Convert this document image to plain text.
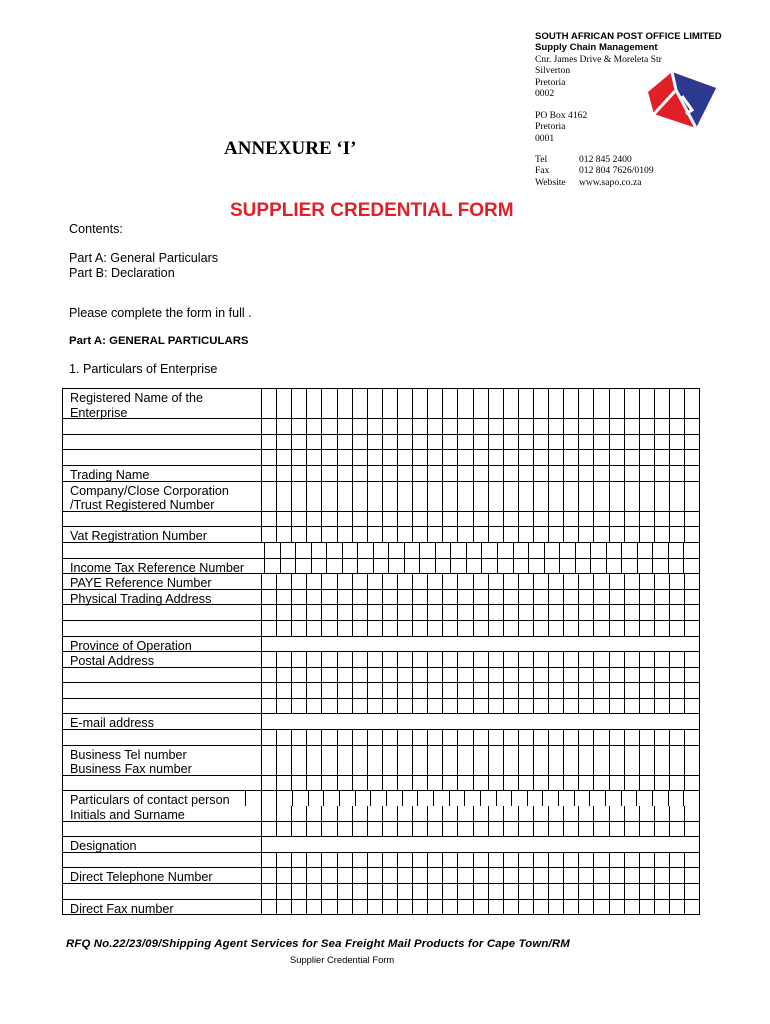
SOUTH AFRICAN POST OFFICE LIMITED
Supply Chain Management
Cnr. James Drive & Moreleta Str
Silverton
Pretoria
0002
PO Box 4162
Pretoria
0001
Tel	012 845 2400
Fax	012 804 7626/0109
Website	www.sapo.co.za
ANNEXURE ‘I’
SUPPLIER CREDENTIAL FORM
Contents:
Part A: General Particulars
Part B: Declaration
Please complete the form in full .
Part A: GENERAL PARTICULARS
1. Particulars of Enterprise
Registered Name of the
Enterprise
Trading Name
Company/Close Corporation
/Trust Registered Number
Vat Registration Number
Income Tax Reference Number
PAYE Reference Number
Physical Trading Address
Province of Operation
Postal Address
E-mail address
Business Tel number
Business Fax number
Particulars of contact person
Initials and Surname
Designation
Direct Telephone Number
Direct Fax number
RFQ No.22/23/09/Shipping Agent Services for Sea Freight Mail Products for Cape Town/RM
Supplier Credential Form
